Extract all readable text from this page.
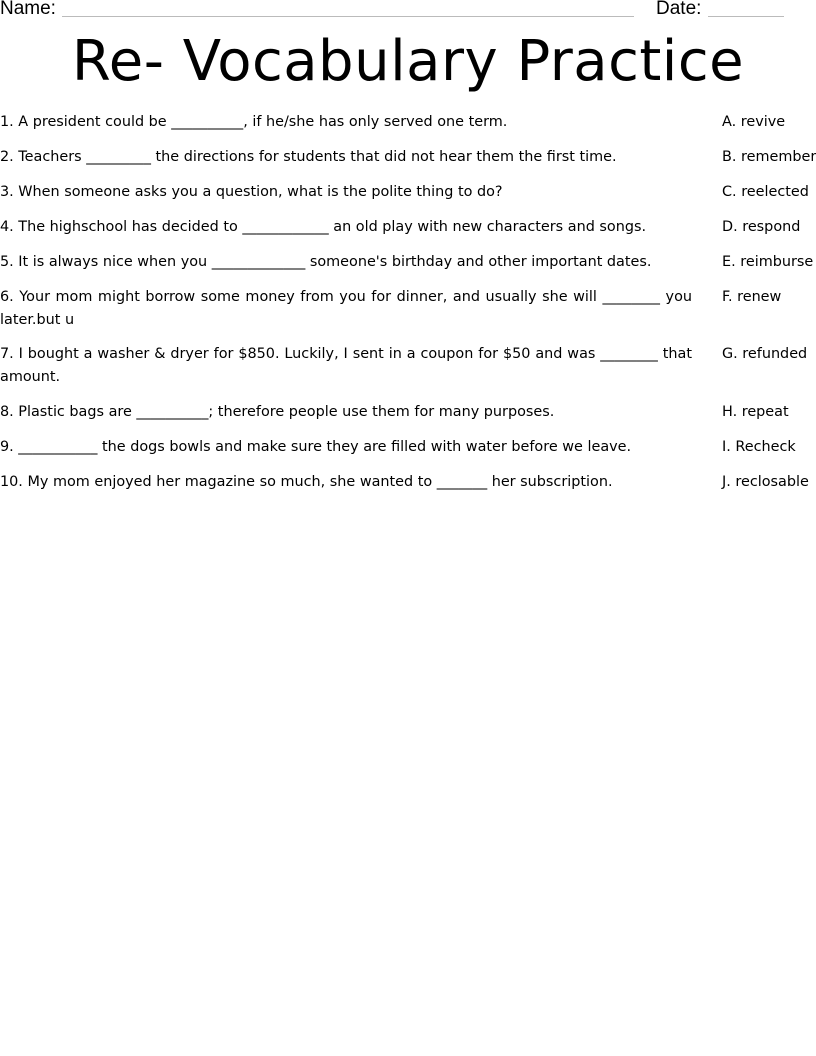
Name:	Date:
Re- Vocabulary Practice
1. A president could be __________, if he/she has only served one term.
2. Teachers _________ the directions for students that did not hear them the first time.
3. When someone asks you a question, what is the polite thing to do?
4. The highschool has decided to ____________ an old play with new characters and songs.
5. It is always nice when you _____________ someone's birthday and other important dates.
6. Your mom might borrow some money from you for dinner, and usually she will ________ you later.but u
7. I bought a washer & dryer for $850. Luckily, I sent in a coupon for $50 and was ________ that amount.
8. Plastic bags are __________; therefore people use them for many purposes.
9. ___________ the dogs bowls and make sure they are filled with water before we leave.
10. My mom enjoyed her magazine so much, she wanted to _______ her subscription.
A. revive
B. remember
C. reelected
D. respond
E. reimburse
F. renew
G. refunded
H. repeat
I. Recheck
J. reclosable
